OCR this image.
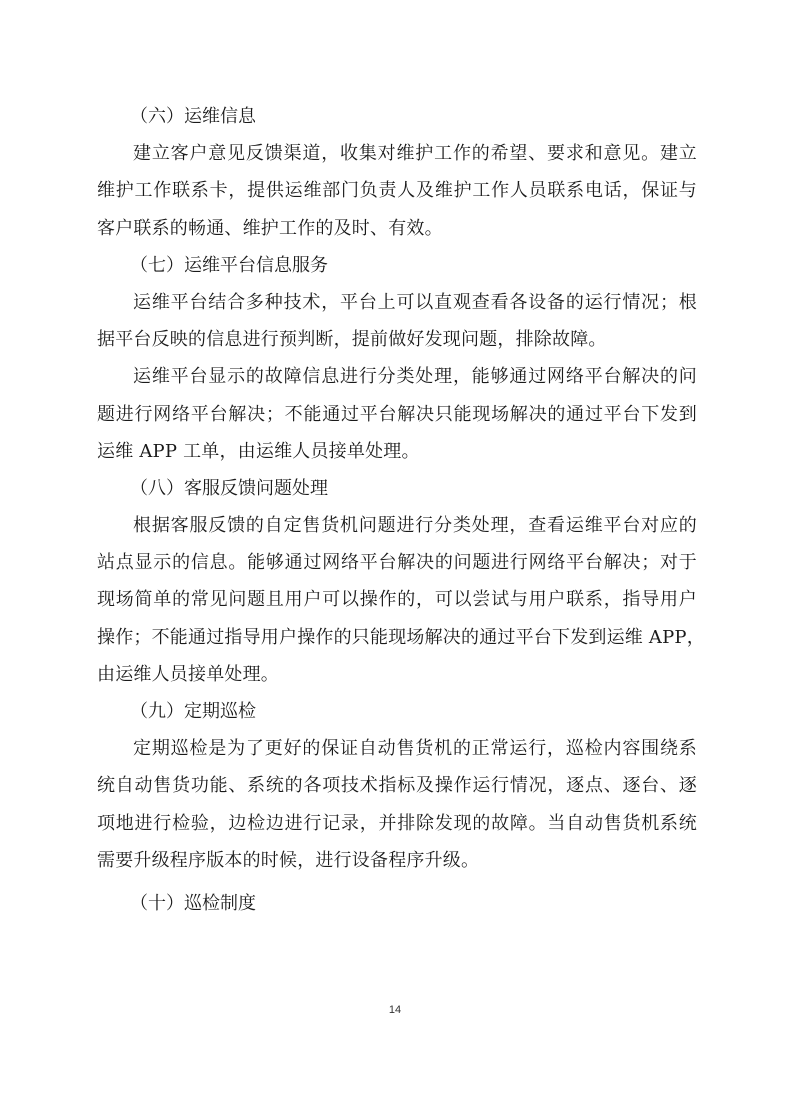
（六）运维信息
建立客户意见反馈渠道，收集对维护工作的希望、要求和意见。建立
维护工作联系卡，提供运维部门负责人及维护工作人员联系电话，保证与
客户联系的畅通、维护工作的及时、有效。
（七）运维平台信息服务
运维平台结合多种技术，平台上可以直观查看各设备的运行情况；根
据平台反映的信息进行预判断，提前做好发现问题，排除故障。
运维平台显示的故障信息进行分类处理，能够通过网络平台解决的问
题进行网络平台解决；不能通过平台解决只能现场解决的通过平台下发到
运维 APP 工单，由运维人员接单处理。
（八）客服反馈问题处理
根据客服反馈的自定售货机问题进行分类处理，查看运维平台对应的
站点显示的信息。能够通过网络平台解决的问题进行网络平台解决；对于
现场简单的常见问题且用户可以操作的，可以尝试与用户联系，指导用户
操作；不能通过指导用户操作的只能现场解决的通过平台下发到运维 APP，
由运维人员接单处理。
（九）定期巡检
定期巡检是为了更好的保证自动售货机的正常运行，巡检内容围绕系
统自动售货功能、系统的各项技术指标及操作运行情况，逐点、逐台、逐
项地进行检验，边检边进行记录，并排除发现的故障。当自动售货机系统
需要升级程序版本的时候，进行设备程序升级。
（十）巡检制度
14
